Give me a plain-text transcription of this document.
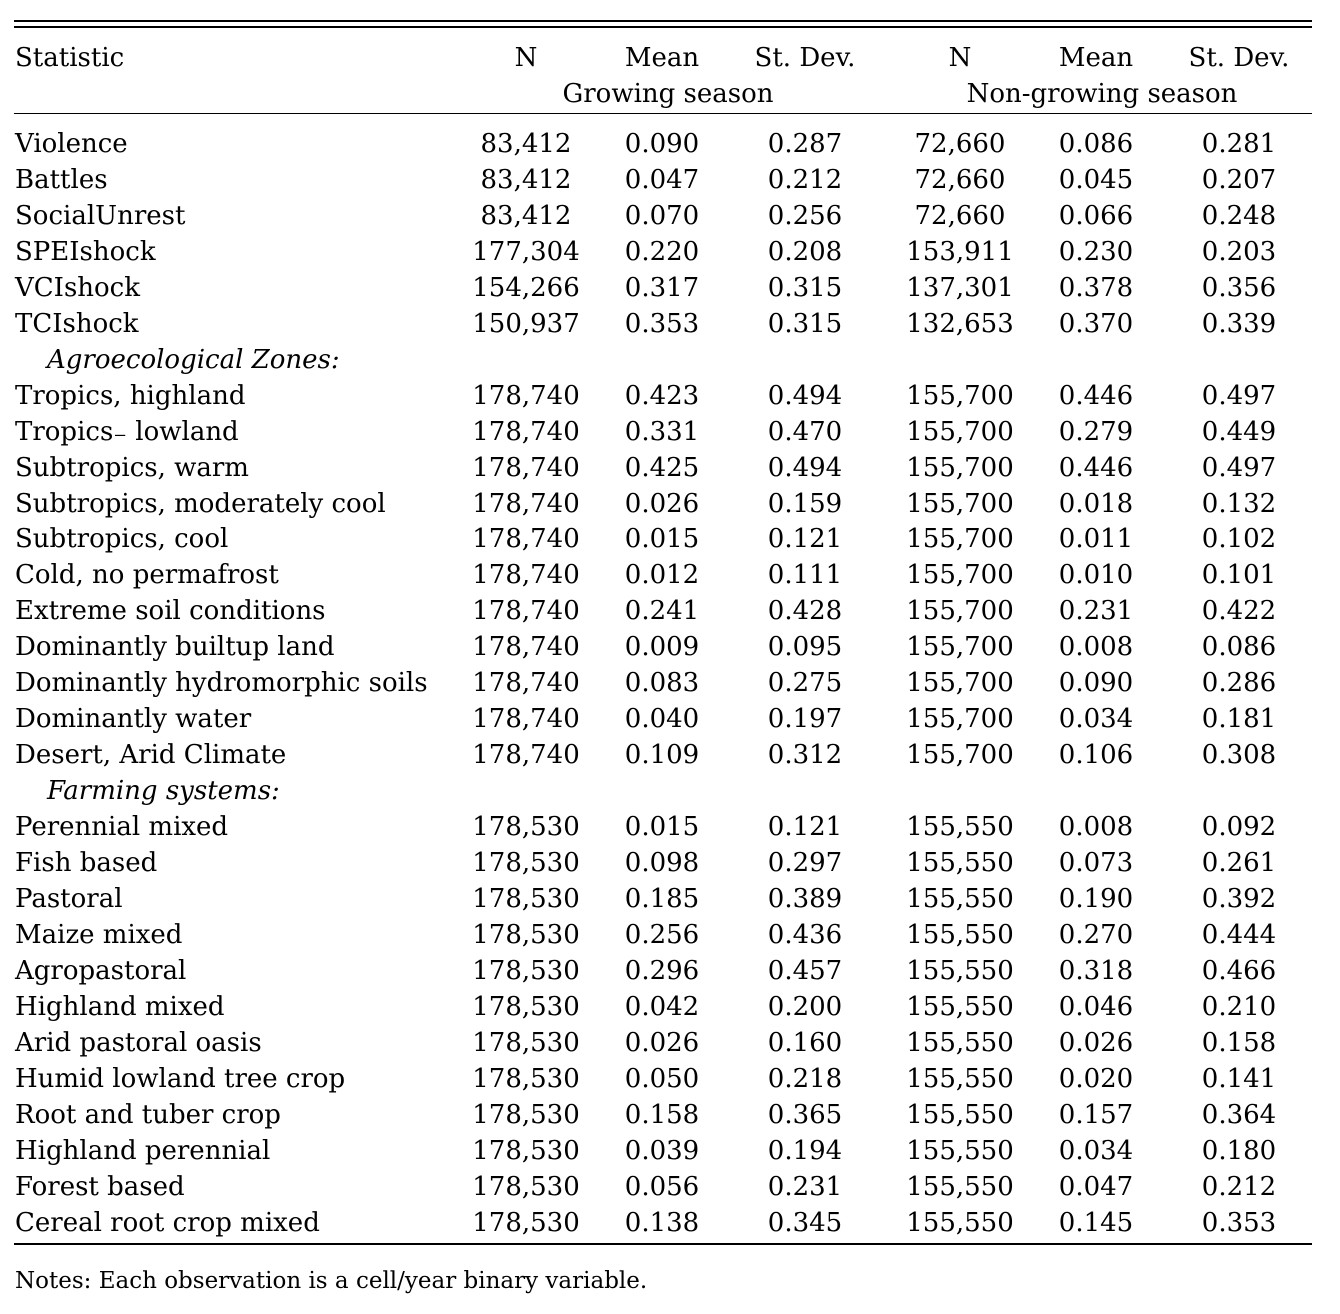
Statistic	N	Mean	St. Dev.	N	Mean	St. Dev.
Growing season	Non-growing season
Violence	83,412	0.090	0.287	72,660	0.086	0.281
Battles	83,412	0.047	0.212	72,660	0.045	0.207
SocialUnrest	83,412	0.070	0.256	72,660	0.066	0.248
SPEIshock	177,304	0.220	0.208	153,911	0.230	0.203
VCIshock	154,266	0.317	0.315	137,301	0.378	0.356
TCIshock	150,937	0.353	0.315	132,653	0.370	0.339
Agroecological Zones:
Tropics, highland	178,740	0.423	0.494	155,700	0.446	0.497
Tropics₋ lowland	178,740	0.331	0.470	155,700	0.279	0.449
Subtropics, warm	178,740	0.425	0.494	155,700	0.446	0.497
Subtropics, moderately cool	178,740	0.026	0.159	155,700	0.018	0.132
Subtropics, cool	178,740	0.015	0.121	155,700	0.011	0.102
Cold, no permafrost	178,740	0.012	0.111	155,700	0.010	0.101
Extreme soil conditions	178,740	0.241	0.428	155,700	0.231	0.422
Dominantly builtup land	178,740	0.009	0.095	155,700	0.008	0.086
Dominantly hydromorphic soils 178,740	0.083	0.275	155,700	0.090	0.286
Dominantly water	178,740	0.040	0.197	155,700	0.034	0.181
Desert, Arid Climate	178,740	0.109	0.312	155,700	0.106	0.308
Farming systems:
Perennial mixed	178,530	0.015	0.121	155,550	0.008	0.092
Fish based	178,530	0.098	0.297	155,550	0.073	0.261
Pastoral	178,530	0.185	0.389	155,550	0.190	0.392
Maize mixed	178,530	0.256	0.436	155,550	0.270	0.444
Agropastoral	178,530	0.296	0.457	155,550	0.318	0.466
Highland mixed	178,530	0.042	0.200	155,550	0.046	0.210
Arid pastoral oasis	178,530	0.026	0.160	155,550	0.026	0.158
Humid lowland tree crop	178,530	0.050	0.218	155,550	0.020	0.141
Root and tuber crop	178,530	0.158	0.365	155,550	0.157	0.364
Highland perennial	178,530	0.039	0.194	155,550	0.034	0.180
Forest based	178,530	0.056	0.231	155,550	0.047	0.212
Cereal root crop mixed	178,530	0.138	0.345	155,550	0.145	0.353
Notes: Each observation is a cell/year binary variable.
